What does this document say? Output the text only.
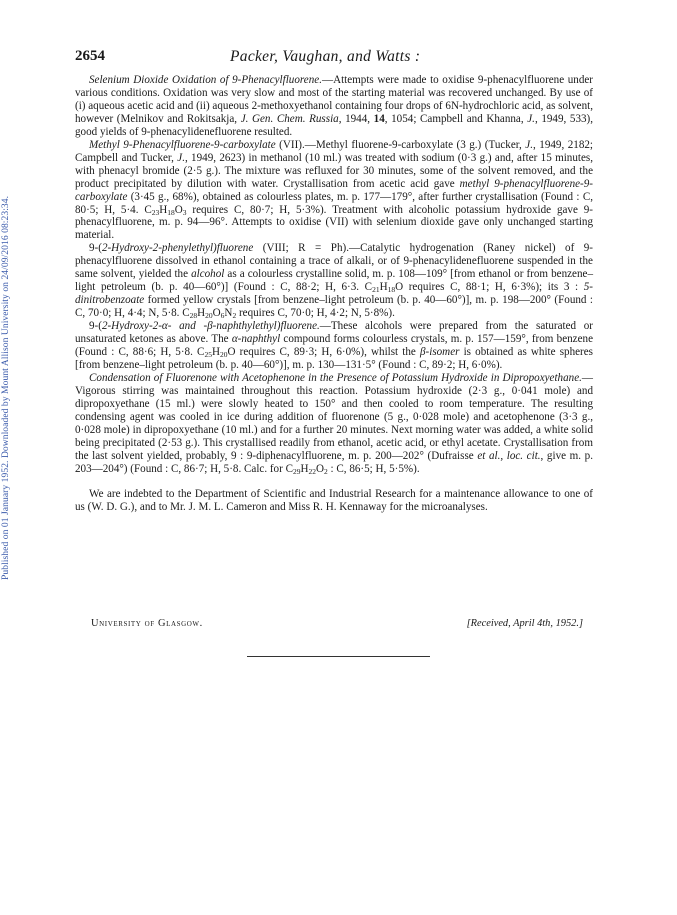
Published on 01 January 1952. Downloaded by Mount Allison University on 24/09/2016 08:23:34.
2654	Packer, Vaughan, and Watts :

Selenium Dioxide Oxidation of 9-Phenacylfluorene.—Attempts were made to oxidise 9-phenacylfluorene under various conditions. Oxidation was very slow and most of the starting material was recovered unchanged. By use of (i) aqueous acetic acid and (ii) aqueous 2-methoxyethanol containing four drops of 6N-hydrochloric acid, as solvent, however (Melnikov and Rokitsakja, J. Gen. Chem. Russia, 1944, 14, 1054; Campbell and Khanna, J., 1949, 533), good yields of 9-phenacylidenefluorene resulted.

Methyl 9-Phenacylfluorene-9-carboxylate (VII).—Methyl fluorene-9-carboxylate (3 g.) (Tucker, J., 1949, 2182; Campbell and Tucker, J., 1949, 2623) in methanol (10 ml.) was treated with sodium (0·3 g.) and, after 15 minutes, with phenacyl bromide (2·5 g.). The mixture was refluxed for 30 minutes, some of the solvent removed, and the product precipitated by dilution with water. Crystallisation from acetic acid gave methyl 9-phenacylfluorene-9-carboxylate (3·45 g., 68%), obtained as colourless plates, m. p. 177—179°, after further crystallisation (Found : C, 80·5; H, 5·4. $C_{23}H_{18}O_3$ requires C, 80·7; H, 5·3%). Treatment with alcoholic potassium hydroxide gave 9-phenacylfluorene, m. p. 94—96°. Attempts to oxidise (VII) with selenium dioxide gave only unchanged starting material.

9-(2-Hydroxy-2-phenylethyl)fluorene (VIII; R = Ph).—Catalytic hydrogenation (Raney nickel) of 9-phenacylfluorene dissolved in ethanol containing a trace of alkali, or of 9-phenacylidenefluorene suspended in the same solvent, yielded the alcohol as a colourless crystalline solid, m. p. 108—109° [from ethanol or from benzene–light petroleum (b. p. 40—60°)] (Found : C, 88·2; H, 6·3. $C_{21}H_{18}O$ requires C, 88·1; H, 6·3%); its 3 : 5-dinitrobenzoate formed yellow crystals [from benzene–light petroleum (b. p. 40—60°)], m. p. 198—200° (Found : C, 70·0; H, 4·4; N, 5·8. $C_{28}H_{20}O_6N_2$ requires C, 70·0; H, 4·2; N, 5·8%).

9-(2-Hydroxy-2-α- and -β-naphthylethyl)fluorene.—These alcohols were prepared from the saturated or unsaturated ketones as above. The α-naphthyl compound forms colourless crystals, m. p. 157—159°, from benzene (Found : C, 88·6; H, 5·8. $C_{25}H_{20}O$ requires C, 89·3; H, 6·0%), whilst the β-isomer is obtained as white spheres [from benzene–light petroleum (b. p. 40—60°)], m. p. 130—131·5° (Found : C, 89·2; H, 6·0%).

Condensation of Fluorenone with Acetophenone in the Presence of Potassium Hydroxide in Dipropoxyethane.—Vigorous stirring was maintained throughout this reaction. Potassium hydroxide (2·3 g., 0·041 mole) and dipropoxyethane (15 ml.) were slowly heated to 150° and then cooled to room temperature. The resulting condensing agent was cooled in ice during addition of fluorenone (5 g., 0·028 mole) and acetophenone (3·3 g., 0·028 mole) in dipropoxyethane (10 ml.) and for a further 20 minutes. Next morning water was added, a white solid being precipitated (2·53 g.). This crystallised readily from ethanol, acetic acid, or ethyl acetate. Crystallisation from the last solvent yielded, probably, 9 : 9-diphenacylfluorene, m. p. 200—202° (Dufraisse et al., loc. cit., give m. p. 203—204°) (Found : C, 86·7; H, 5·8. Calc. for $C_{29}H_{22}O_2$ : C, 86·5; H, 5·5%).

We are indebted to the Department of Scientific and Industrial Research for a maintenance allowance to one of us (W. D. G.), and to Mr. J. M. L. Cameron and Miss R. H. Kennaway for the microanalyses.

University of Glasgow.	[Received, April 4th, 1952.]
